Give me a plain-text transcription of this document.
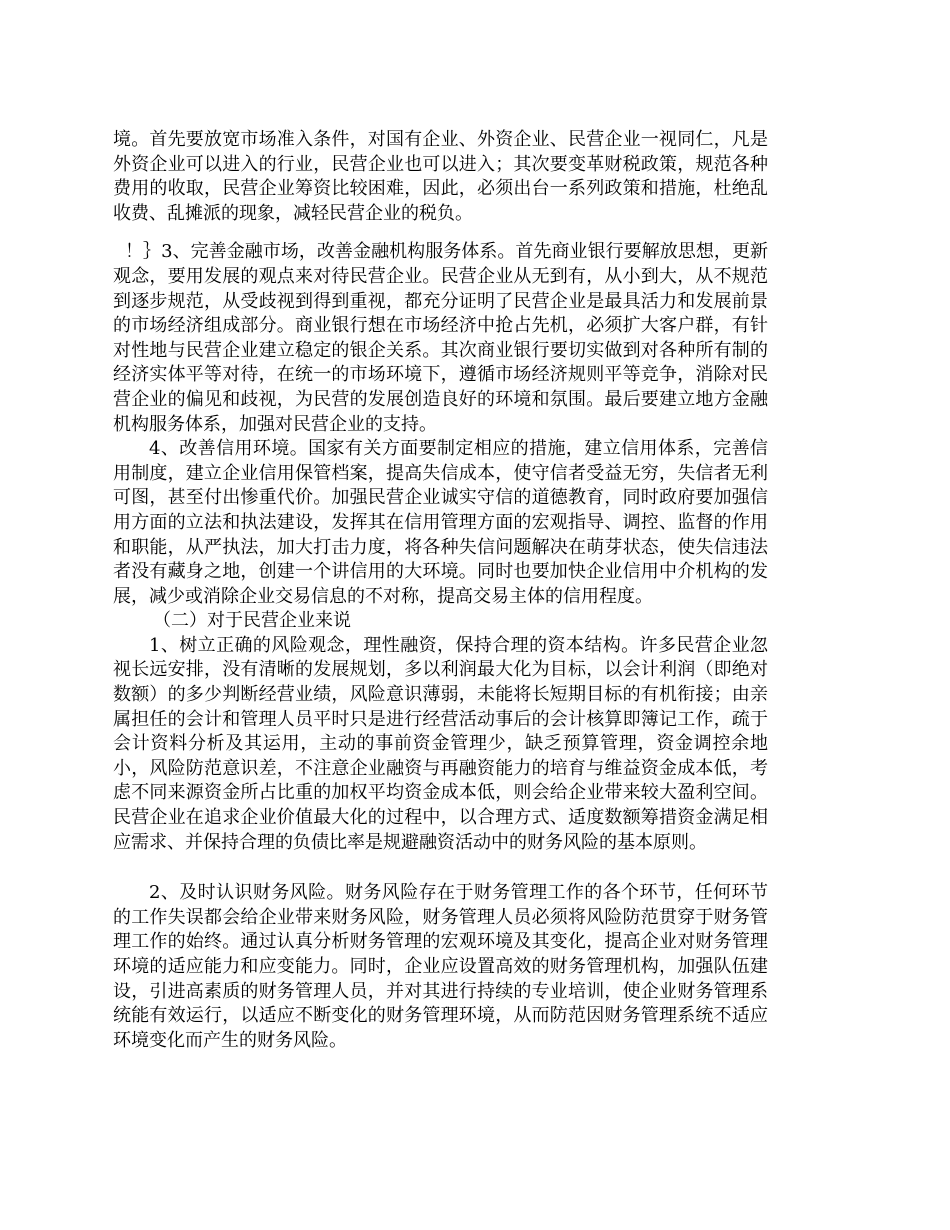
境。首先要放宽市场准入条件，对国有企业、外资企业、民营企业一视同仁，凡是外资企业可以进入的行业，民营企业也可以进入；其次要变革财税政策，规范各种费用的收取，民营企业筹资比较困难，因此，必须出台一系列政策和措施，杜绝乱收费、乱摊派的现象，减轻民营企业的税负。

！｝3、完善金融市场，改善金融机构服务体系。首先商业银行要解放思想，更新观念，要用发展的观点来对待民营企业。民营企业从无到有，从小到大，从不规范到逐步规范，从受歧视到得到重视，都充分证明了民营企业是最具活力和发展前景的市场经济组成部分。商业银行想在市场经济中抢占先机，必须扩大客户群，有针对性地与民营企业建立稳定的银企关系。其次商业银行要切实做到对各种所有制的经济实体平等对待，在统一的市场环境下，遵循市场经济规则平等竞争，消除对民营企业的偏见和歧视，为民营的发展创造良好的环境和氛围。最后要建立地方金融机构服务体系，加强对民营企业的支持。

4、改善信用环境。国家有关方面要制定相应的措施，建立信用体系，完善信用制度，建立企业信用保管档案，提高失信成本，使守信者受益无穷，失信者无利可图，甚至付出惨重代价。加强民营企业诚实守信的道德教育，同时政府要加强信用方面的立法和执法建设，发挥其在信用管理方面的宏观指导、调控、监督的作用和职能，从严执法，加大打击力度，将各种失信问题解决在萌芽状态，使失信违法者没有藏身之地，创建一个讲信用的大环境。同时也要加快企业信用中介机构的发展，减少或消除企业交易信息的不对称，提高交易主体的信用程度。

（二）对于民营企业来说

1、树立正确的风险观念，理性融资，保持合理的资本结构。许多民营企业忽视长远安排，没有清晰的发展规划，多以利润最大化为目标，以会计利润（即绝对数额）的多少判断经营业绩，风险意识薄弱，未能将长短期目标的有机衔接；由亲属担任的会计和管理人员平时只是进行经营活动事后的会计核算即簿记工作，疏于会计资料分析及其运用，主动的事前资金管理少，缺乏预算管理，资金调控余地小，风险防范意识差，不注意企业融资与再融资能力的培育与维益资金成本低，考虑不同来源资金所占比重的加权平均资金成本低，则会给企业带来较大盈利空间。民营企业在追求企业价值最大化的过程中，以合理方式、适度数额筹措资金满足相应需求、并保持合理的负债比率是规避融资活动中的财务风险的基本原则。

2、及时认识财务风险。财务风险存在于财务管理工作的各个环节，任何环节的工作失误都会给企业带来财务风险，财务管理人员必须将风险防范贯穿于财务管理工作的始终。通过认真分析财务管理的宏观环境及其变化，提高企业对财务管理环境的适应能力和应变能力。同时，企业应设置高效的财务管理机构，加强队伍建设，引进高素质的财务管理人员，并对其进行持续的专业培训，使企业财务管理系统能有效运行，以适应不断变化的财务管理环境，从而防范因财务管理系统不适应环境变化而产生的财务风险。
